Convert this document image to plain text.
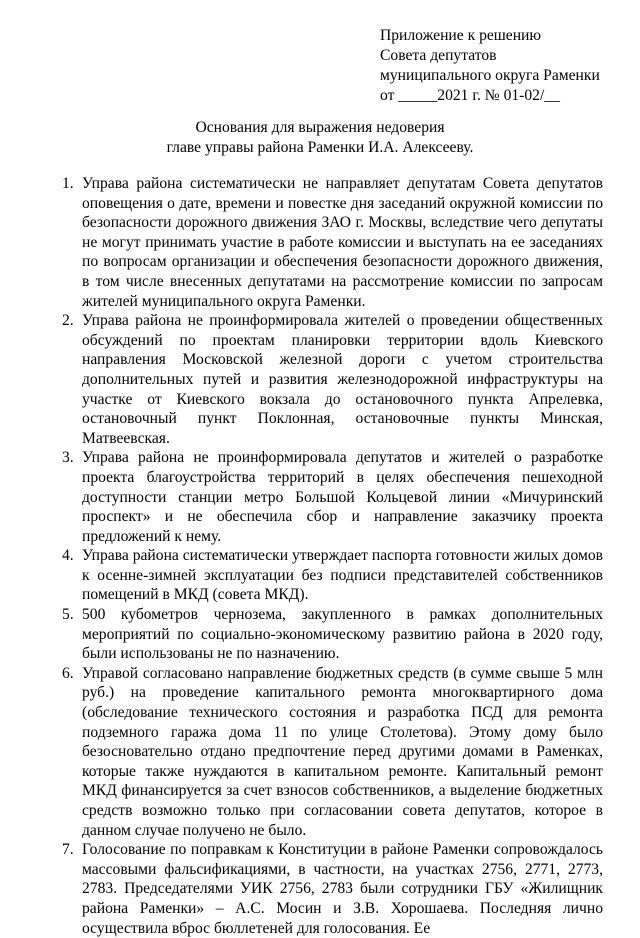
Приложение к решению
Совета депутатов
муниципального округа Раменки
от _____2021 г. № 01-02/__
Основания для выражения недоверия
главе управы района Раменки И.А. Алексееву.
1. Управа района систематически не направляет депутатам Совета депутатов оповещения о дате, времени и повестке дня заседаний окружной комиссии по безопасности дорожного движения ЗАО г. Москвы, вследствие чего депутаты не могут принимать участие в работе комиссии и выступать на ее заседаниях по вопросам организации и обеспечения безопасности дорожного движения, в том числе внесенных депутатами на рассмотрение комиссии по запросам жителей муниципального округа Раменки.
2. Управа района не проинформировала жителей о проведении общественных обсуждений по проектам планировки территории вдоль Киевского направления Московской железной дороги с учетом строительства дополнительных путей и развития железнодорожной инфраструктуры на участке от Киевского вокзала до остановочного пункта Апрелевка, остановочный пункт Поклонная, остановочные пункты Минская, Матвеевская.
3. Управа района не проинформировала депутатов и жителей о разработке проекта благоустройства территорий в целях обеспечения пешеходной доступности станции метро Большой Кольцевой линии «Мичуринский проспект» и не обеспечила сбор и направление заказчику проекта предложений к нему.
4. Управа района систематически утверждает паспорта готовности жилых домов к осенне-зимней эксплуатации без подписи представителей собственников помещений в МКД (совета МКД).
5. 500 кубометров чернозема, закупленного в рамках дополнительных мероприятий по социально-экономическому развитию района в 2020 году, были использованы не по назначению.
6. Управой согласовано направление бюджетных средств (в сумме свыше 5 млн руб.) на проведение капитального ремонта многоквартирного дома (обследование технического состояния и разработка ПСД для ремонта подземного гаража дома 11 по улице Столетова). Этому дому было безосновательно отдано предпочтение перед другими домами в Раменках, которые также нуждаются в капитальном ремонте. Капитальный ремонт МКД финансируется за счет взносов собственников, а выделение бюджетных средств возможно только при согласовании совета депутатов, которое в данном случае получено не было.
7. Голосование по поправкам к Конституции в районе Раменки сопровождалось массовыми фальсификациями, в частности, на участках 2756, 2771, 2773, 2783. Председателями УИК 2756, 2783 были сотрудники ГБУ «Жилищник района Раменки» – А.С. Мосин и З.В. Хорошаева. Последняя лично осуществила вброс бюллетеней для голосования. Ее
